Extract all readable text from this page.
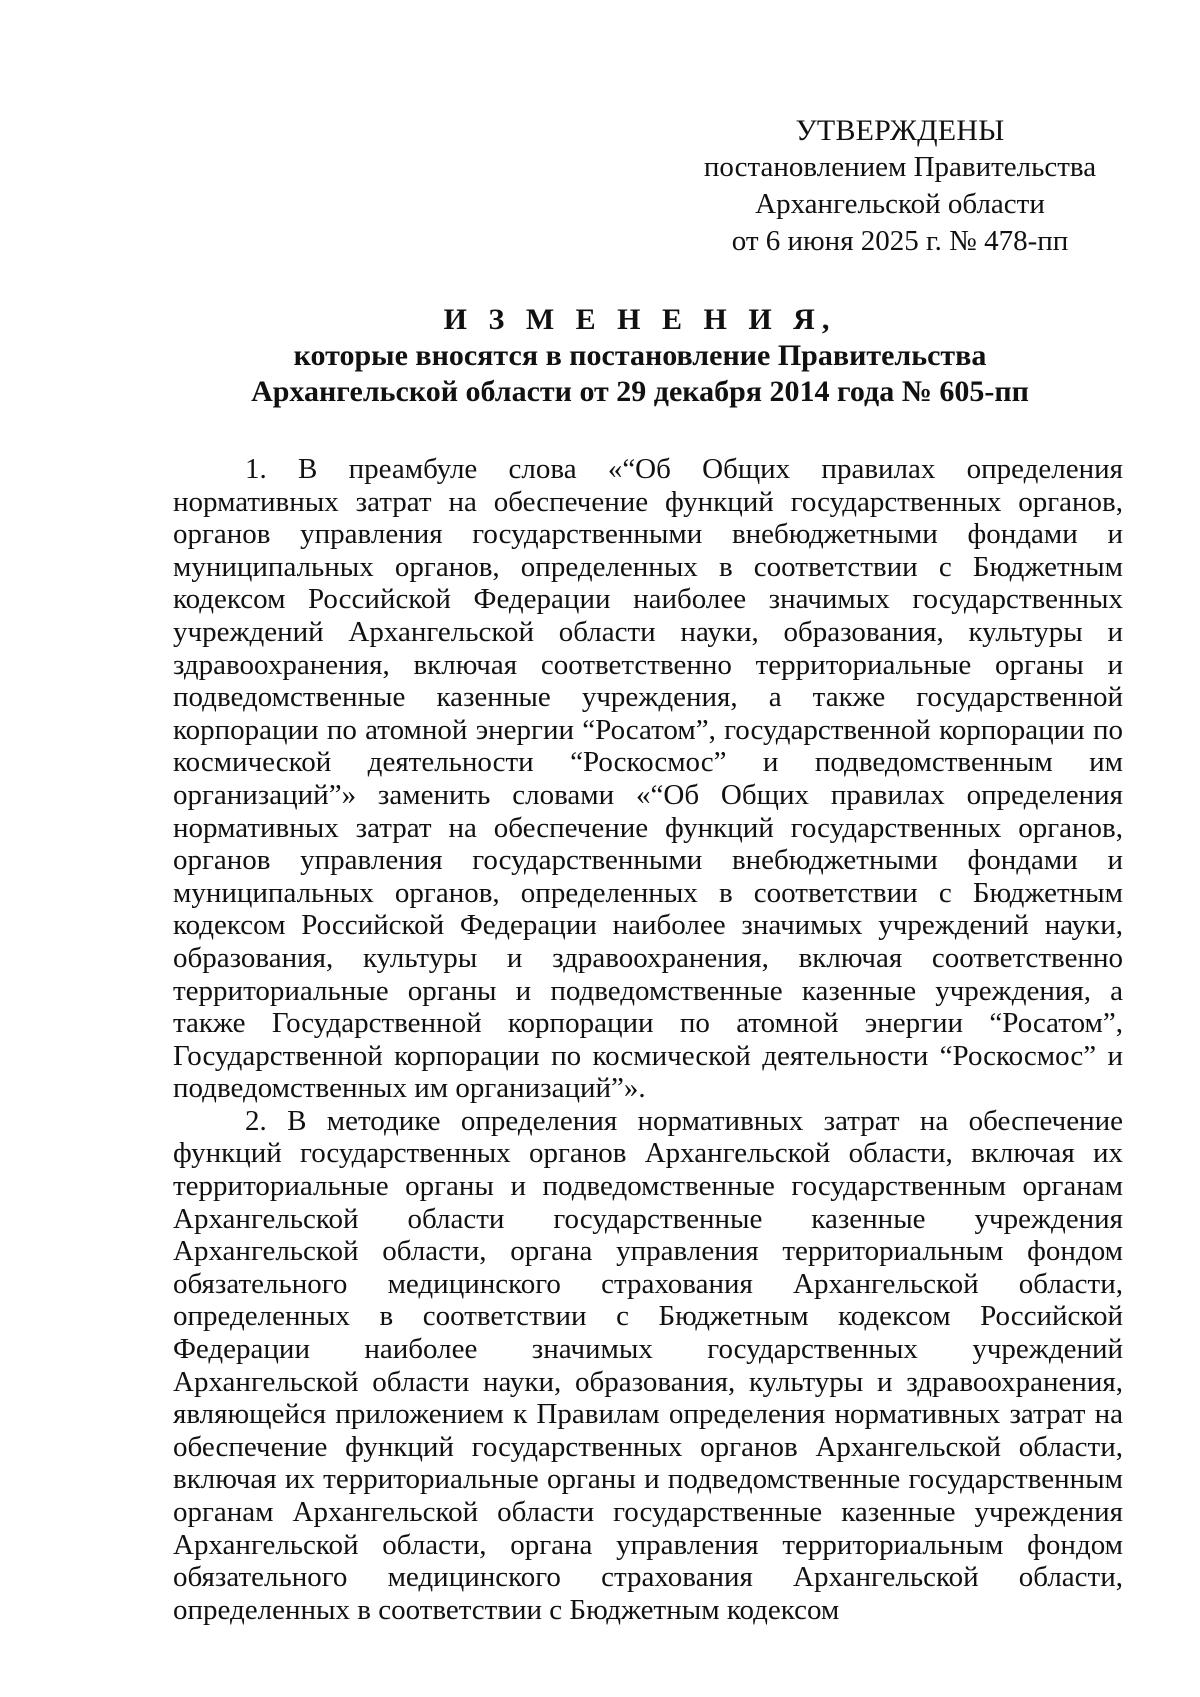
УТВЕРЖДЕНЫ
постановлением Правительства
Архангельской области
от 6 июня 2025 г. № 478-пп
И З М Е Н Е Н И Я,
которые вносятся в постановление Правительства
Архангельской области от 29 декабря 2014 года № 605-пп

1. В преамбуле слова «“Об Общих правилах определения нормативных затрат на обеспечение функций государственных органов, органов управления государственными внебюджетными фондами и муниципальных органов, определенных в соответствии с Бюджетным кодексом Российской Федерации наиболее значимых государственных учреждений Архангельской области науки, образования, культуры и здравоохранения, включая соответственно территориальные органы и подведомственные казенные учреждения, а также государственной корпорации по атомной энергии “Росатом”, государственной корпорации по космической деятельности “Роскосмос” и подведомственным им организаций”» заменить словами «“Об Общих правилах определения нормативных затрат на обеспечение функций государственных органов, органов управления государственными внебюджетными фондами и муниципальных органов, определенных в соответствии с Бюджетным кодексом Российской Федерации наиболее значимых учреждений науки, образования, культуры и здравоохранения, включая соответственно территориальные органы и подведомственные казенные учреждения, а также Государственной корпорации по атомной энергии “Росатом”, Государственной корпорации по космической деятельности “Роскосмос” и подведомственных им организаций”».

2. В методике определения нормативных затрат на обеспечение функций государственных органов Архангельской области, включая их территориальные органы и подведомственные государственным органам Архангельской области государственные казенные учреждения Архангельской области, органа управления территориальным фондом обязательного медицинского страхования Архангельской области, определенных в соответствии с Бюджетным кодексом Российской Федерации наиболее значимых государственных учреждений Архангельской области науки, образования, культуры и здравоохранения, являющейся приложением к Правилам определения нормативных затрат на обеспечение функций государственных органов Архангельской области, включая их территориальные органы и подведомственные государственным органам Архангельской области государственные казенные учреждения Архангельской области, органа управления территориальным фондом обязательного медицинского страхования Архангельской области, определенных в соответствии с Бюджетным кодексом
